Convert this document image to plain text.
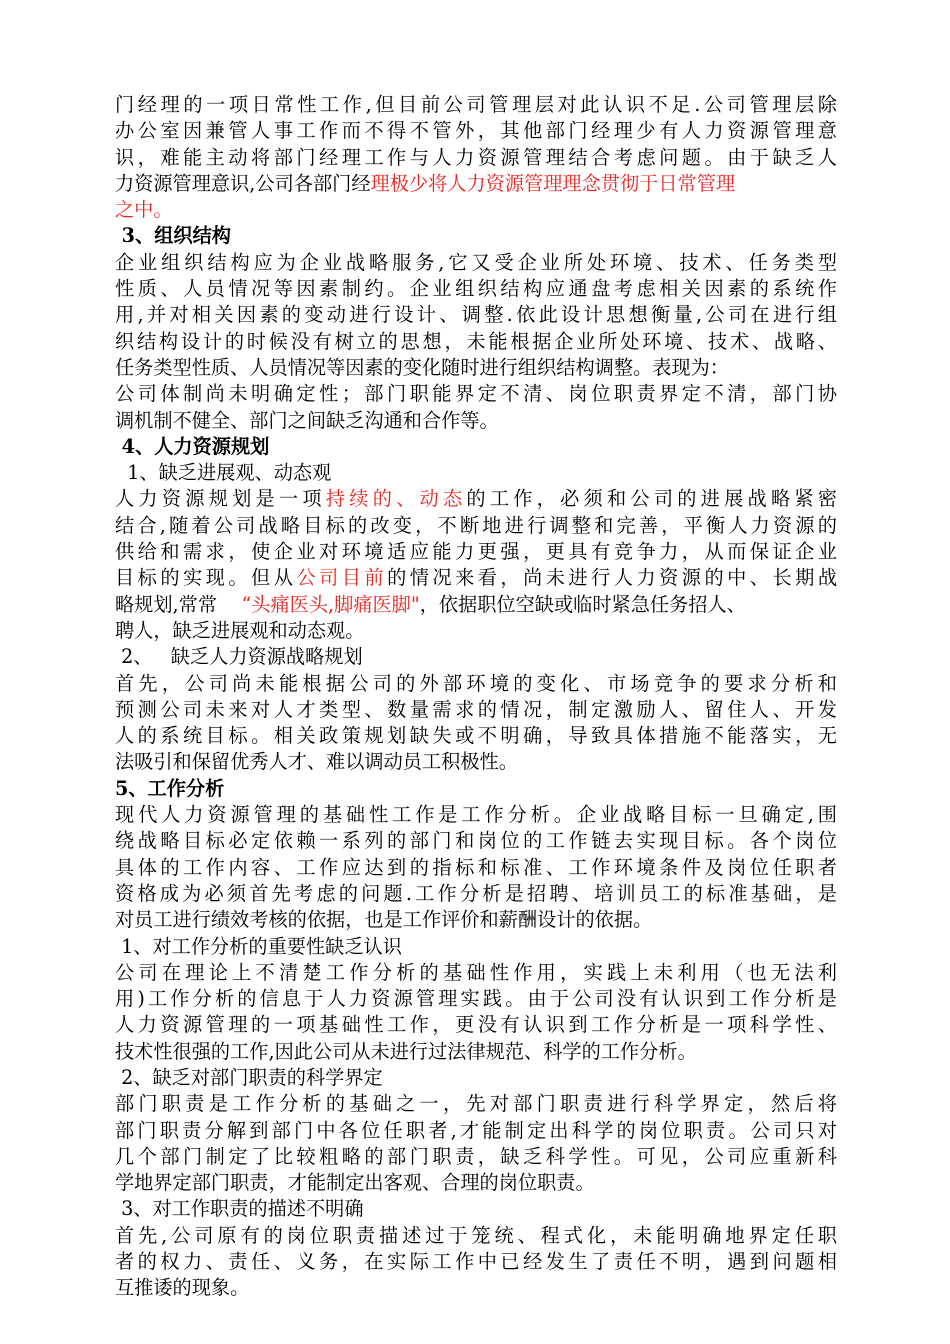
门经理的一项日常性工作,但目前公司管理层对此认识不足.公司管理层除
办公室因兼管人事工作而不得不管外，其他部门经理少有人力资源管理意
识，难能主动将部门经理工作与人力资源管理结合考虑问题。由于缺乏人
力资源管理意识,公司各部门经理极少将人力资源管理理念贯彻于日常管理
之中。
3、组织结构
企业组织结构应为企业战略服务,它又受企业所处环境、技术、任务类型
性质、人员情况等因素制约。企业组织结构应通盘考虑相关因素的系统作
用,并对相关因素的变动进行设计、调整.依此设计思想衡量,公司在进行组
织结构设计的时候没有树立的思想，未能根据企业所处环境、技术、战略、
任务类型性质、人员情况等因素的变化随时进行组织结构调整。表现为：
公司体制尚未明确定性；部门职能界定不清、岗位职责界定不清，部门协
调机制不健全、部门之间缺乏沟通和合作等。
4、人力资源规划
1、缺乏进展观、动态观
人力资源规划是一项持续的、动态的工作，必须和公司的进展战略紧密
结合,随着公司战略目标的改变，不断地进行调整和完善，平衡人力资源的
供给和需求，使企业对环境适应能力更强，更具有竞争力，从而保证企业
目标的实现。但从公司目前的情况来看，尚未进行人力资源的中、长期战
略规划,常常    “头痛医头,脚痛医脚"，依据职位空缺或临时紧急任务招人、
聘人，缺乏进展观和动态观。
2、   缺乏人力资源战略规划
首先，公司尚未能根据公司的外部环境的变化、市场竞争的要求分析和
预测公司未来对人才类型、数量需求的情况，制定激励人、留住人、开发
人的系统目标。相关政策规划缺失或不明确，导致具体措施不能落实，无
法吸引和保留优秀人才、难以调动员工积极性。
5、工作分析
现代人力资源管理的基础性工作是工作分析。企业战略目标一旦确定,围
绕战略目标必定依赖一系列的部门和岗位的工作链去实现目标。各个岗位
具体的工作内容、工作应达到的指标和标准、工作环境条件及岗位任职者
资格成为必须首先考虑的问题.工作分析是招聘、培训员工的标准基础，是
对员工进行绩效考核的依据，也是工作评价和薪酬设计的依据。
1、对工作分析的重要性缺乏认识
公司在理论上不清楚工作分析的基础性作用，实践上未利用（也无法利
用)工作分析的信息于人力资源管理实践。由于公司没有认识到工作分析是
人力资源管理的一项基础性工作，更没有认识到工作分析是一项科学性、
技术性很强的工作,因此公司从未进行过法律规范、科学的工作分析。
2、缺乏对部门职责的科学界定
部门职责是工作分析的基础之一，先对部门职责进行科学界定，然后将
部门职责分解到部门中各位任职者,才能制定出科学的岗位职责。公司只对
几个部门制定了比较粗略的部门职责，缺乏科学性。可见，公司应重新科
学地界定部门职责，才能制定出客观、合理的岗位职责。
3、对工作职责的描述不明确
首先,公司原有的岗位职责描述过于笼统、程式化，未能明确地界定任职
者的权力、责任、义务，在实际工作中已经发生了责任不明，遇到问题相
互推诿的现象。
